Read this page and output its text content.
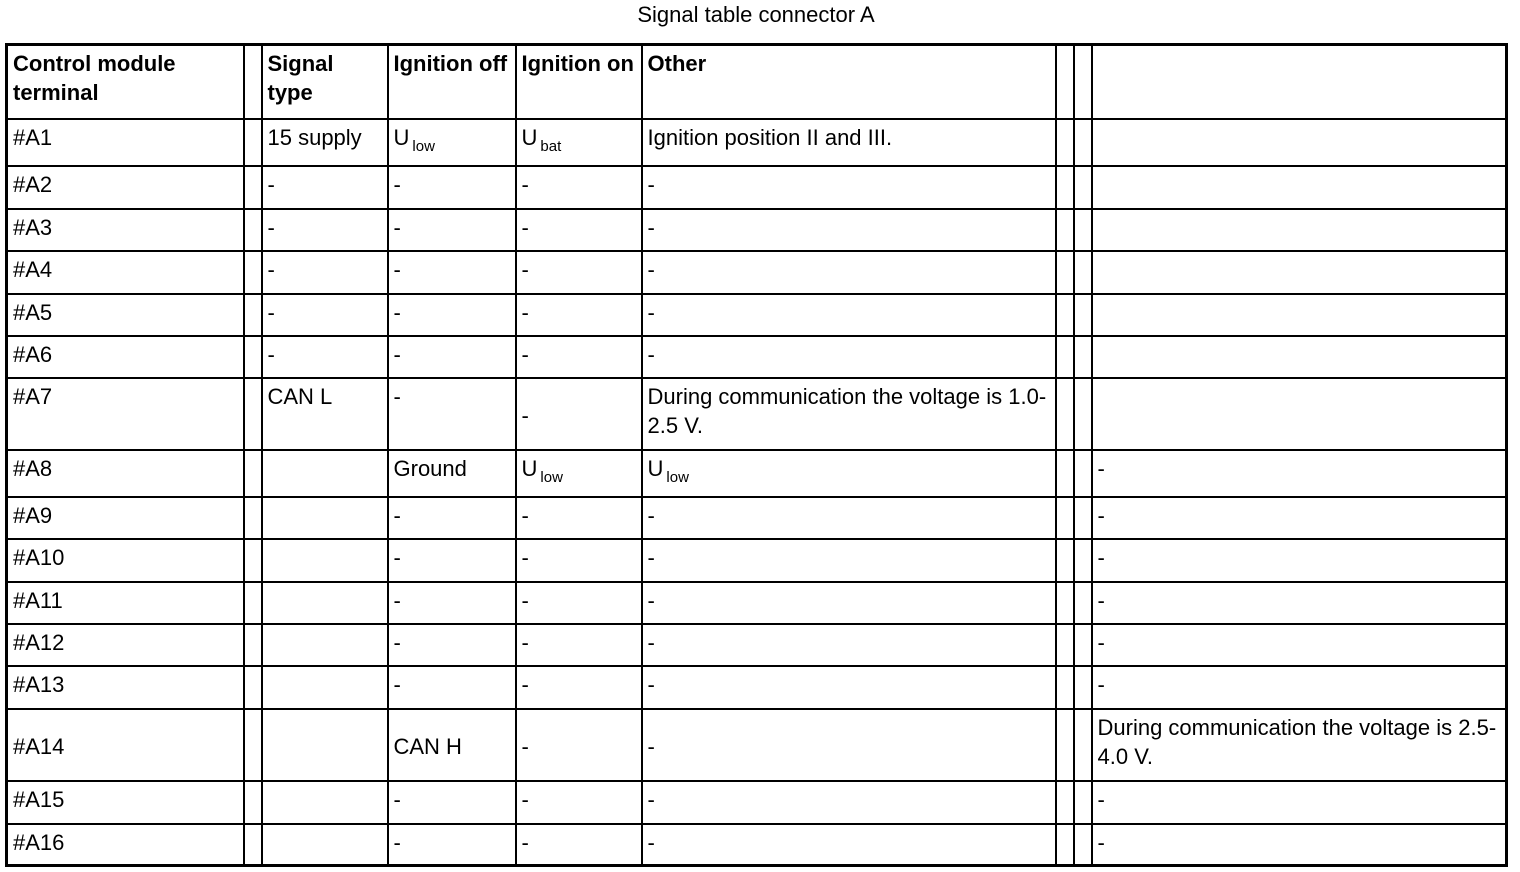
Signal table connector A
Control module terminal		Signal type	Ignition off	Ignition on	Other			
#A1		15 supply	U $_{low}$	U $_{bat}$	Ignition position II and III.			
#A2		-	-	-	-			
#A3		-	-	-	-			
#A4		-	-	-	-			
#A5		-	-	-	-			
#A6		-	-	-	-			
#A7		CAN L	-	-	During communication the voltage is 1.0-2.5 V.			
#A8			Ground	U $_{low}$	U $_{low}$			-
#A9			-	-	-			-
#A10			-	-	-			-
#A11			-	-	-			-
#A12			-	-	-			-
#A13			-	-	-			-
#A14			CAN H	-	-			During communication the voltage is 2.5-4.0 V.
#A15			-	-	-			-
#A16			-	-	-			-
